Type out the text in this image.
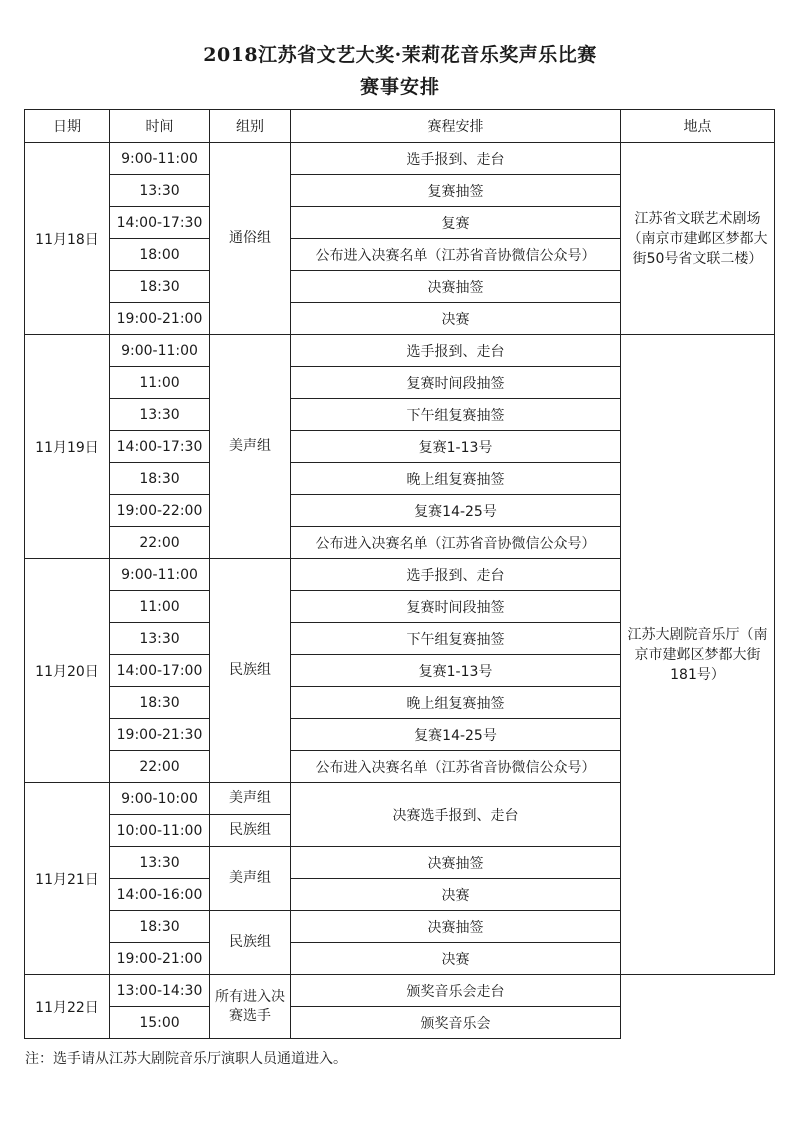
2018江苏省文艺大奖·茉莉花音乐奖声乐比赛
赛事安排
日期	时间	组别	赛程安排	地点
11月18日	9:00-11:00	通俗组	选手报到、走台	江苏省文联艺术剧场（南京市建邺区梦都大街50号省文联二楼）
	13:30		复赛抽签	
	14:00-17:30		复赛	
	18:00		公布进入决赛名单（江苏省音协微信公众号）	
	18:30		决赛抽签	
	19:00-21:00		决赛	
11月19日	9:00-11:00	美声组	选手报到、走台	江苏大剧院音乐厅（南京市建邺区梦都大街181号）
	11:00		复赛时间段抽签	
	13:30		下午组复赛抽签	
	14:00-17:30		复赛1-13号	
	18:30		晚上组复赛抽签	
	19:00-22:00		复赛14-25号	
	22:00		公布进入决赛名单（江苏省音协微信公众号）	
11月20日	9:00-11:00	民族组	选手报到、走台	
	11:00		复赛时间段抽签	
	13:30		下午组复赛抽签	
	14:00-17:00		复赛1-13号	
	18:30		晚上组复赛抽签	
	19:00-21:30		复赛14-25号	
	22:00		公布进入决赛名单（江苏省音协微信公众号）	
11月21日	9:00-10:00	美声组	决赛选手报到、走台	
	10:00-11:00	民族组		
	13:30	美声组	决赛抽签	
	14:00-16:00		决赛	
	18:30	民族组	决赛抽签	
	19:00-21:00		决赛	
11月22日	13:00-14:30	所有进入决赛选手	颁奖音乐会走台	
	15:00		颁奖音乐会	
注：选手请从江苏大剧院音乐厅演职人员通道进入。
